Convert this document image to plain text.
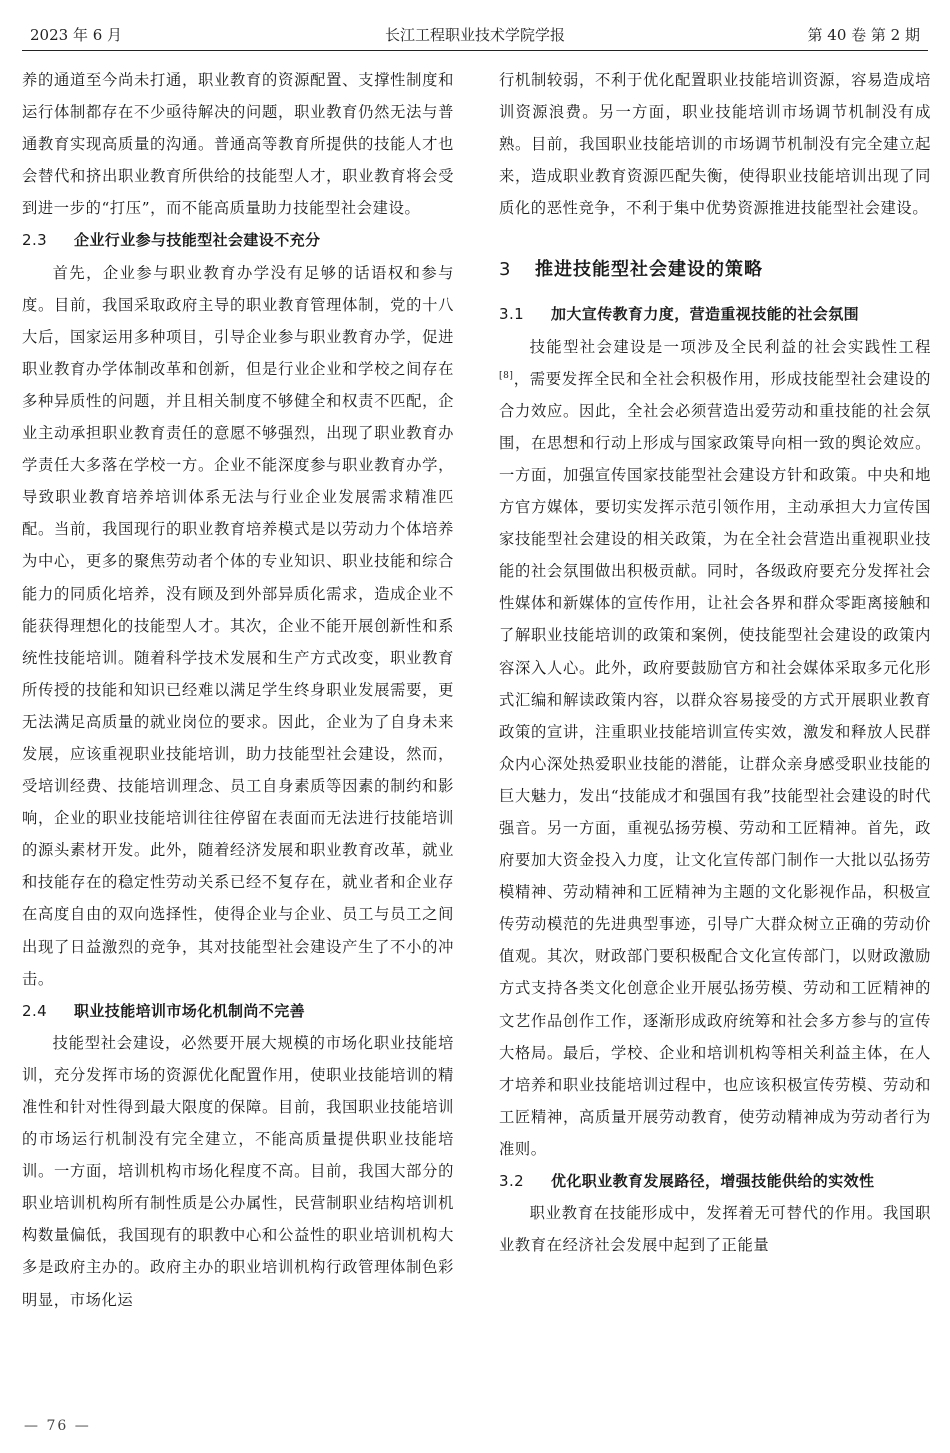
2023 年 6 月	长江工程职业技术学院学报	第 40 卷 第 2 期

养的通道至今尚未打通，职业教育的资源配置、支撑性制度和运行体制都存在不少亟待解决的问题，职业教育仍然无法与普通教育实现高质量的沟通。普通高等教育所提供的技能人才也会替代和挤出职业教育所供给的技能型人才，职业教育将会受到进一步的“打压”，而不能高质量助力技能型社会建设。

2.3	企业行业参与技能型社会建设不充分

首先，企业参与职业教育办学没有足够的话语权和参与度。目前，我国采取政府主导的职业教育管理体制，党的十八大后，国家运用多种项目，引导企业参与职业教育办学，促进职业教育办学体制改革和创新，但是行业企业和学校之间存在多种异质性的问题，并且相关制度不够健全和权责不匹配，企业主动承担职业教育责任的意愿不够强烈，出现了职业教育办学责任大多落在学校一方。企业不能深度参与职业教育办学，导致职业教育培养培训体系无法与行业企业发展需求精准匹配。当前，我国现行的职业教育培养模式是以劳动力个体培养为中心，更多的聚焦劳动者个体的专业知识、职业技能和综合能力的同质化培养，没有顾及到外部异质化需求，造成企业不能获得理想化的技能型人才。其次，企业不能开展创新性和系统性技能培训。随着科学技术发展和生产方式改变，职业教育所传授的技能和知识已经难以满足学生终身职业发展需要，更无法满足高质量的就业岗位的要求。因此，企业为了自身未来发展，应该重视职业技能培训，助力技能型社会建设，然而，受培训经费、技能培训理念、员工自身素质等因素的制约和影响，企业的职业技能培训往往停留在表面而无法进行技能培训的源头素材开发。此外，随着经济发展和职业教育改革，就业和技能存在的稳定性劳动关系已经不复存在，就业者和企业存在高度自由的双向选择性，使得企业与企业、员工与员工之间出现了日益激烈的竞争，其对技能型社会建设产生了不小的冲击。

2.4	职业技能培训市场化机制尚不完善

技能型社会建设，必然要开展大规模的市场化职业技能培训，充分发挥市场的资源优化配置作用，使职业技能培训的精准性和针对性得到最大限度的保障。目前，我国职业技能培训的市场运行机制没有完全建立，不能高质量提供职业技能培训。一方面，培训机构市场化程度不高。目前，我国大部分的职业培训机构所有制性质是公办属性，民营制职业结构培训机构数量偏低，我国现有的职教中心和公益性的职业培训机构大多是政府主办的。政府主办的职业培训机构行政管理体制色彩明显，市场化运

行机制较弱，不利于优化配置职业技能培训资源，容易造成培训资源浪费。另一方面，职业技能培训市场调节机制没有成熟。目前，我国职业技能培训的市场调节机制没有完全建立起来，造成职业教育资源匹配失衡，使得职业技能培训出现了同质化的恶性竞争，不利于集中优势资源推进技能型社会建设。

3	推进技能型社会建设的策略
3.1	加大宣传教育力度，营造重视技能的社会氛围

技能型社会建设是一项涉及全民利益的社会实践性工程[8]，需要发挥全民和全社会积极作用，形成技能型社会建设的合力效应。因此，全社会必须营造出爱劳动和重技能的社会氛围，在思想和行动上形成与国家政策导向相一致的舆论效应。一方面，加强宣传国家技能型社会建设方针和政策。中央和地方官方媒体，要切实发挥示范引领作用，主动承担大力宣传国家技能型社会建设的相关政策，为在全社会营造出重视职业技能的社会氛围做出积极贡献。同时，各级政府要充分发挥社会性媒体和新媒体的宣传作用，让社会各界和群众零距离接触和了解职业技能培训的政策和案例，使技能型社会建设的政策内容深入人心。此外，政府要鼓励官方和社会媒体采取多元化形式汇编和解读政策内容，以群众容易接受的方式开展职业教育政策的宣讲，注重职业技能培训宣传实效，激发和释放人民群众内心深处热爱职业技能的潜能，让群众亲身感受职业技能的巨大魅力，发出“技能成才和强国有我”技能型社会建设的时代强音。另一方面，重视弘扬劳模、劳动和工匠精神。首先，政府要加大资金投入力度，让文化宣传部门制作一大批以弘扬劳模精神、劳动精神和工匠精神为主题的文化影视作品，积极宣传劳动模范的先进典型事迹，引导广大群众树立正确的劳动价值观。其次，财政部门要积极配合文化宣传部门，以财政激励方式支持各类文化创意企业开展弘扬劳模、劳动和工匠精神的文艺作品创作工作，逐渐形成政府统筹和社会多方参与的宣传大格局。最后，学校、企业和培训机构等相关利益主体，在人才培养和职业技能培训过程中，也应该积极宣传劳模、劳动和工匠精神，高质量开展劳动教育，使劳动精神成为劳动者行为准则。

3.2	优化职业教育发展路径，增强技能供给的实效性

职业教育在技能形成中，发挥着无可替代的作用。我国职业教育在经济社会发展中起到了正能量

— 76 —
